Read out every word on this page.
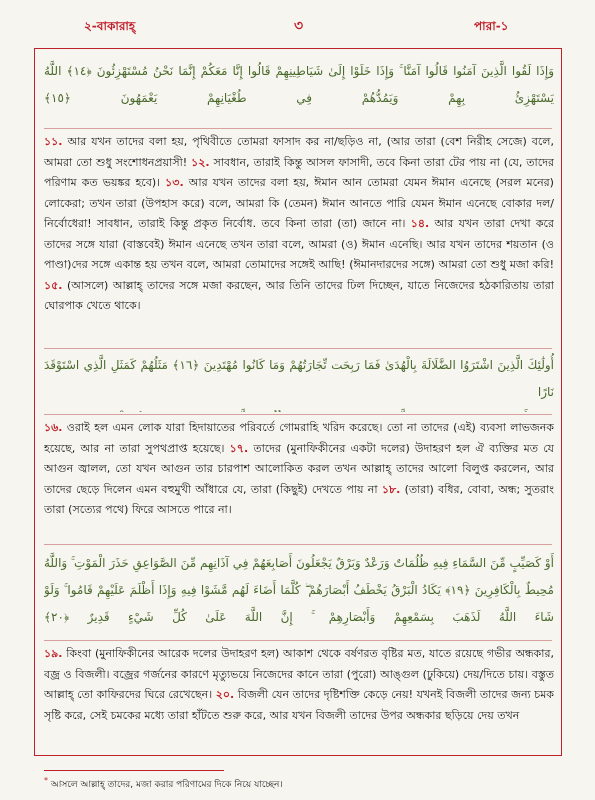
২-বাকারাহ্	৩	পারা-১
وَإِذَا لَقُوا الَّذِينَ آمَنُوا قَالُوا آمَنَّا ۚ وَإِذَا خَلَوْا إِلَىٰ شَيَاطِينِهِمْ قَالُوا إِنَّا مَعَكُمْ إِنَّمَا نَحْنُ مُسْتَهْزِئُونَ ﴿١٤﴾ اللَّهُ
يَسْتَهْزِئُ بِهِمْ وَيَمُدُّهُمْ فِي طُغْيَانِهِمْ يَعْمَهُونَ ﴿١٥﴾
১১. আর যখন তাদের বলা হয়, পৃথিবীতে তোমরা ফাসাদ কর না/ছড়িও না, (আর তারা (বেশ নিরীহ সেজে) বলে, আমরা তো শুধু সংশোধনপ্রয়াসী! ১২. সাবধান, তারাই কিন্তু আসল ফাসাদী, তবে কিনা তারা টের পায় না (যে, তাদের পরিণাম কত ভয়ঙ্কর হবে)। ১৩. আর যখন তাদের বলা হয়, ঈমান আন তোমরা যেমন ঈমান এনেছে (সরল মনের) লোকেরা; তখন তারা (উপহাস করে) বলে, আমরা কি (তেমন) ঈমান আনতে পারি যেমন ঈমান এনেছে বোকার দল/নির্বোধেরা! সাবধান, তারাই কিন্তু প্রকৃত নির্বোধ. তবে কিনা তারা (তা) জানে না। ১৪. আর যখন তারা দেখা করে তাদের সঙ্গে যারা (বাস্তবেই) ঈমান এনেছে তখন তারা বলে, আমরা (ও) ঈমান এনেছি। আর যখন তাদের শয়তান (ও পাণ্ডা)দের সঙ্গে একান্ত হয় তখন বলে, আমরা তোমাদের সঙ্গেই আছি! (ঈমানদারদের সঙ্গে) আমরা তো শুধু মজা করি! ১৫. (আসলে) আল্লাহ্ তাদের সঙ্গে মজা করছেন, আর তিনি তাদের ঢিল দিচ্ছেন, যাতে নিজেদের হঠকারিতায় তারা ঘোরপাক খেতে থাকে।
أُولَٰئِكَ الَّذِينَ اشْتَرَوُا الضَّلَالَةَ بِالْهُدَىٰ فَمَا رَبِحَت تِّجَارَتُهُمْ وَمَا كَانُوا مُهْتَدِينَ ﴿١٦﴾ مَثَلُهُمْ كَمَثَلِ الَّذِي اسْتَوْقَدَ نَارًا
১৬. ওরাই হল এমন লোক যারা হিদায়াতের পরিবর্তে গোমরাহি খরিদ করেছে। তো না তাদের (এই) ব্যবসা লাভজনক হয়েছে, আর না তারা সুপথপ্রাপ্ত হয়েছে। ১৭. তাদের (মুনাফিকীনের একটা দলের) উদাহরণ হল ঐ ব্যক্তির মত যে আগুন জ্বালল, তো যখন আগুন তার চারপাশ আলোকিত করল তখন আল্লাহ্ তাদের আলো বিলুপ্ত করলেন, আর তাদের ছেড়ে দিলেন এমন বহুমুখী আঁধারে যে, তারা (কিছুই) দেখতে পায় না ১৮. (তারা) বধির, বোবা, অন্ধ; সুতরাং তারা (সত্যের পথে) ফিরে আসতে পারে না।
أَوْ كَصَيِّبٍ مِّنَ السَّمَاءِ فِيهِ ظُلُمَاتٌ وَرَعْدٌ وَبَرْقٌ يَجْعَلُونَ أَصَابِعَهُمْ فِي آذَانِهِم مِّنَ الصَّوَاعِقِ حَذَرَ الْمَوْتِ ۚ وَاللَّهُ
مُحِيطٌ بِالْكَافِرِينَ ﴿١٩﴾ يَكَادُ الْبَرْقُ يَخْطَفُ أَبْصَارَهُمْ ۖ كُلَّمَا أَضَاءَ لَهُم مَّشَوْا فِيهِ وَإِذَا أَظْلَمَ عَلَيْهِمْ قَامُوا ۚ وَلَوْ
شَاءَ اللَّهُ لَذَهَبَ بِسَمْعِهِمْ وَأَبْصَارِهِمْ ۚ إِنَّ اللَّهَ عَلَىٰ كُلِّ شَيْءٍ قَدِيرٌ ﴿٢٠﴾
১৯. কিংবা (মুনাফিকীনের আরেক দলের উদাহরণ হল) আকাশ থেকে বর্ষণরত বৃষ্টির মত, যাতে রয়েছে গভীর অন্ধকার, বজ্র ও বিজলী। বজ্রের গর্জনের কারণে মৃত্যুভয়ে নিজেদের কানে তারা (পুরো) আঙ্গুল (ঢুকিয়ে) দেয়/দিতে চায়। বস্তুত আল্লাহ্ তো কাফিরদের ঘিরে রেখেছেন। ২০. বিজলী যেন তাদের দৃষ্টিশক্তি কেড়ে নেয়! যখনই বিজলী তাদের জন্য চমক সৃষ্টি করে, সেই চমকের মধ্যে তারা হাঁটতে শুরু করে, আর যখন বিজলী তাদের উপর অন্ধকার ছড়িয়ে দেয় তখন
* আসলে আল্লাহ্ তাদের, মজা করার পরিণামের দিকে নিয়ে যাচ্ছেন।
